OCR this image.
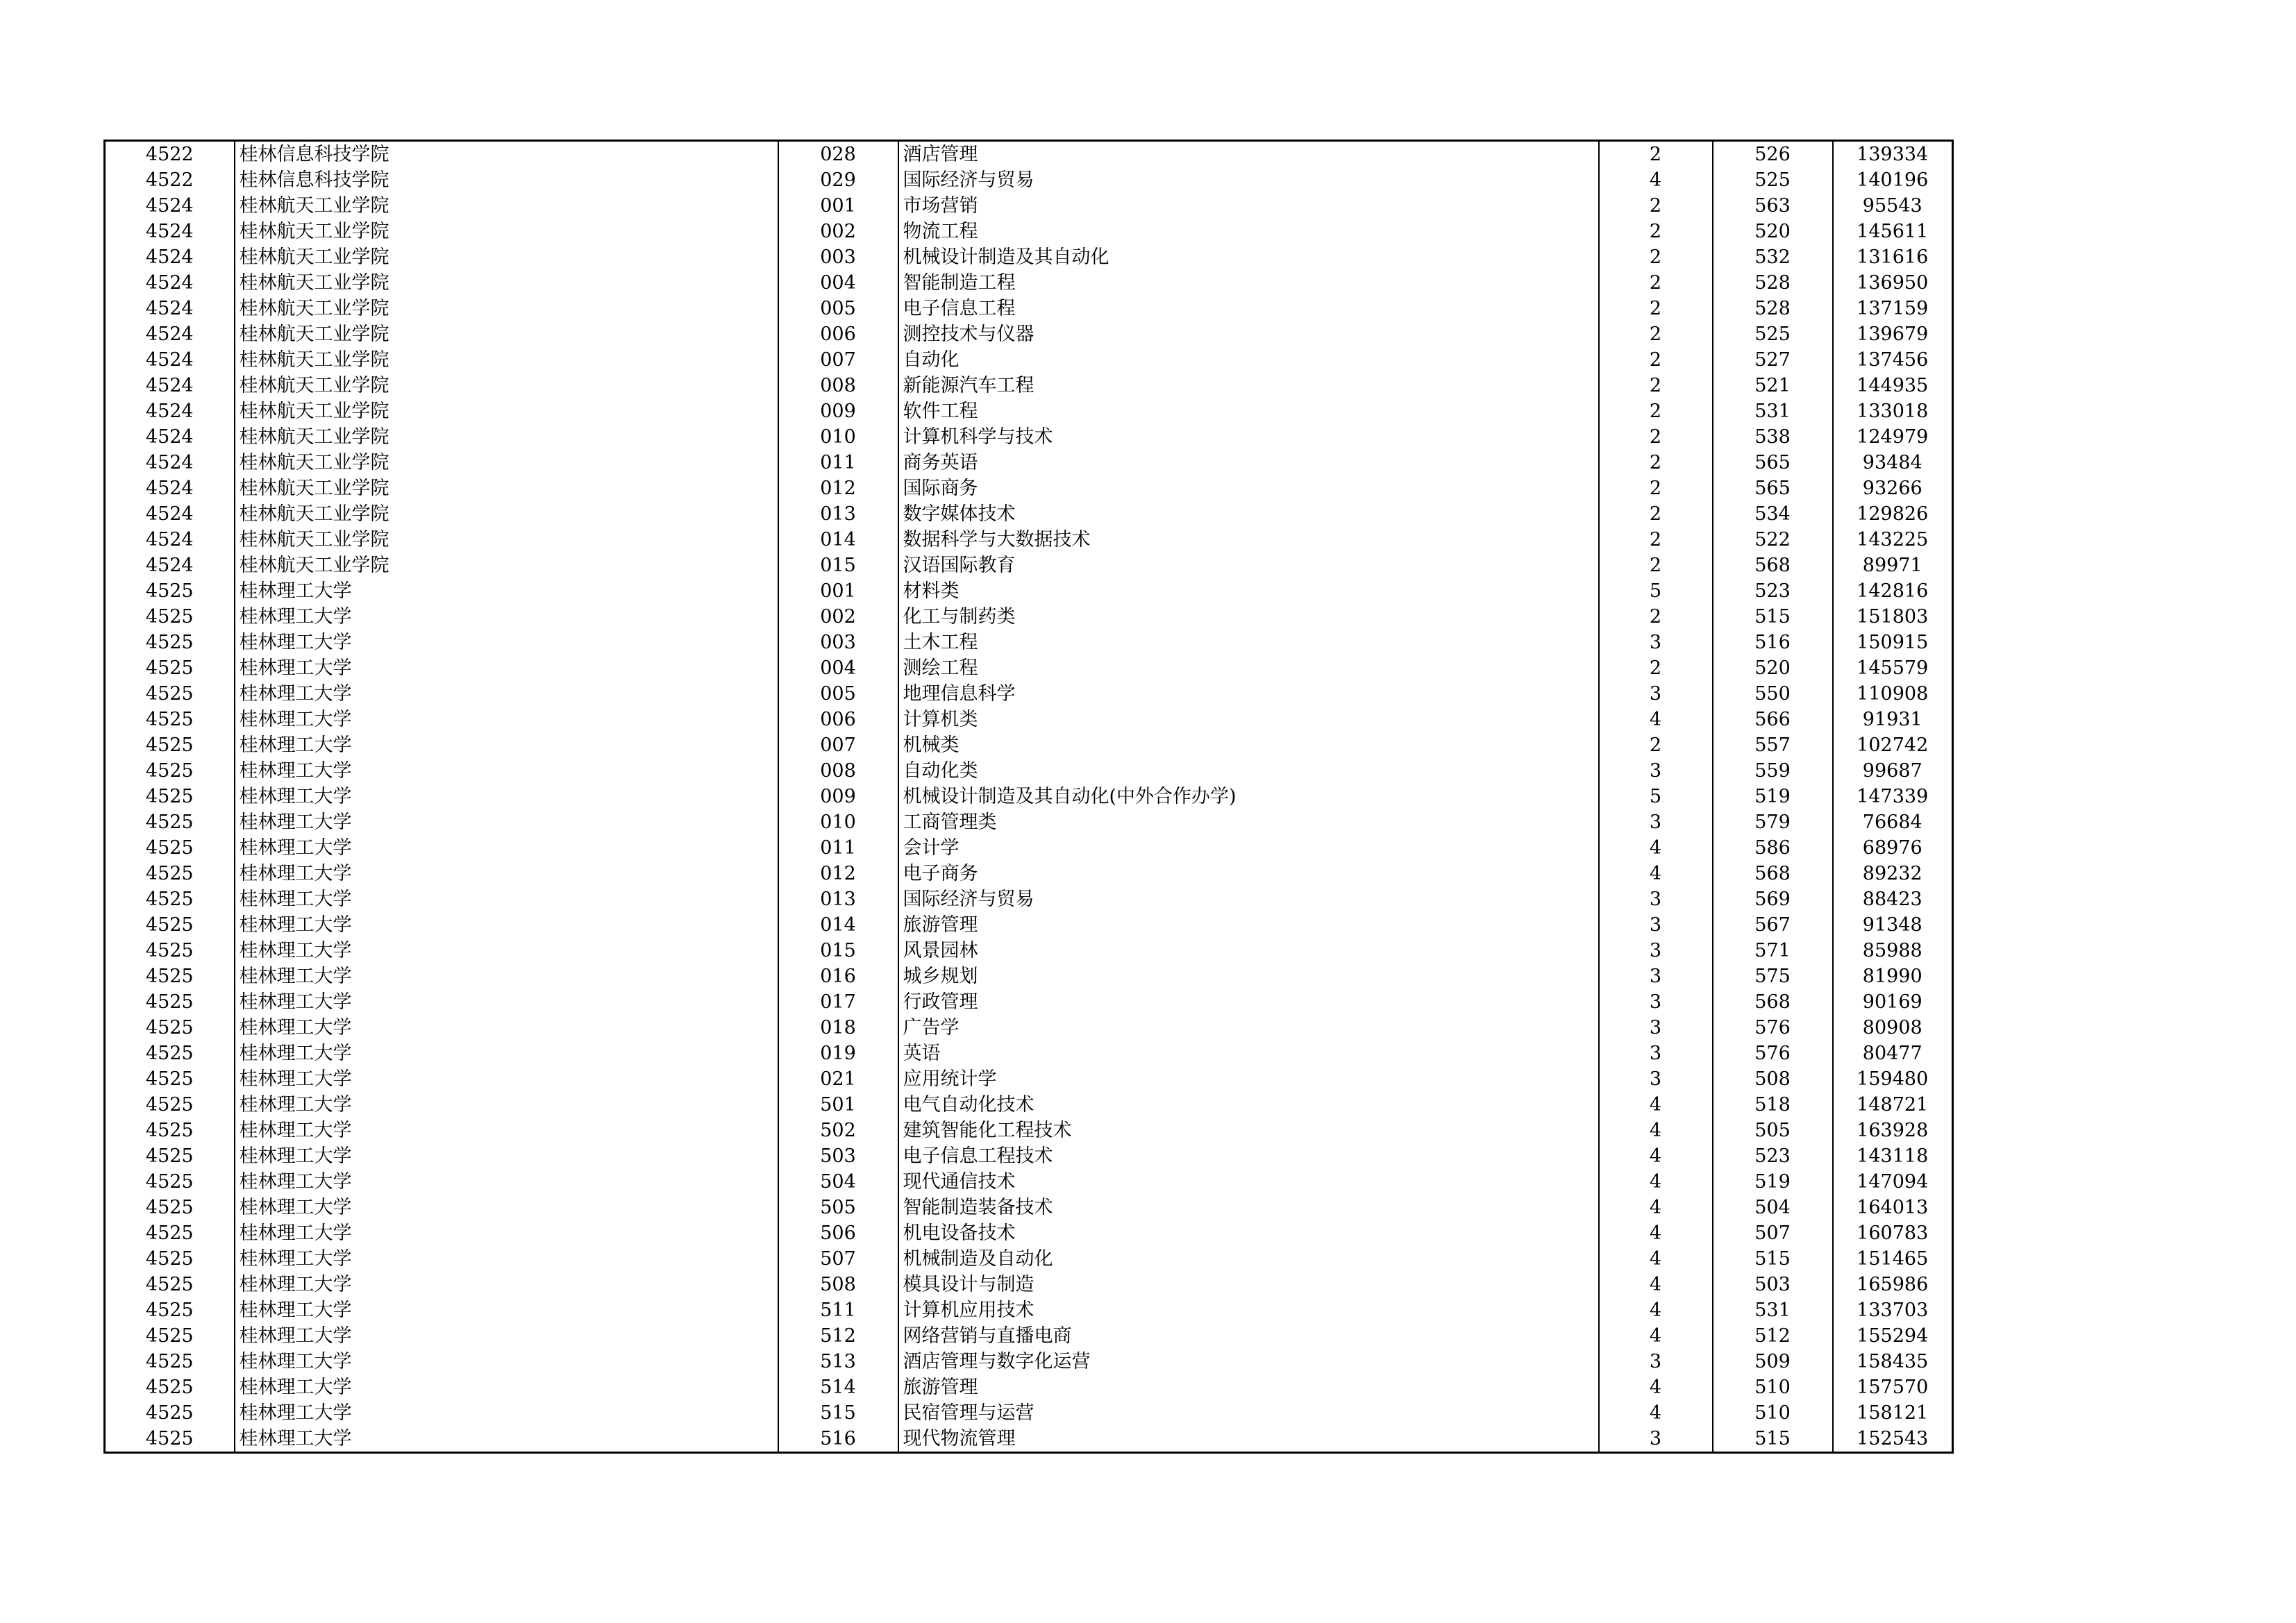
4522	桂林信息科技学院	028	酒店管理	2	526	139334
4522	桂林信息科技学院	029	国际经济与贸易	4	525	140196
4524	桂林航天工业学院	001	市场营销	2	563	95543
4524	桂林航天工业学院	002	物流工程	2	520	145611
4524	桂林航天工业学院	003	机械设计制造及其自动化	2	532	131616
4524	桂林航天工业学院	004	智能制造工程	2	528	136950
4524	桂林航天工业学院	005	电子信息工程	2	528	137159
4524	桂林航天工业学院	006	测控技术与仪器	2	525	139679
4524	桂林航天工业学院	007	自动化	2	527	137456
4524	桂林航天工业学院	008	新能源汽车工程	2	521	144935
4524	桂林航天工业学院	009	软件工程	2	531	133018
4524	桂林航天工业学院	010	计算机科学与技术	2	538	124979
4524	桂林航天工业学院	011	商务英语	2	565	93484
4524	桂林航天工业学院	012	国际商务	2	565	93266
4524	桂林航天工业学院	013	数字媒体技术	2	534	129826
4524	桂林航天工业学院	014	数据科学与大数据技术	2	522	143225
4524	桂林航天工业学院	015	汉语国际教育	2	568	89971
4525	桂林理工大学	001	材料类	5	523	142816
4525	桂林理工大学	002	化工与制药类	2	515	151803
4525	桂林理工大学	003	土木工程	3	516	150915
4525	桂林理工大学	004	测绘工程	2	520	145579
4525	桂林理工大学	005	地理信息科学	3	550	110908
4525	桂林理工大学	006	计算机类	4	566	91931
4525	桂林理工大学	007	机械类	2	557	102742
4525	桂林理工大学	008	自动化类	3	559	99687
4525	桂林理工大学	009	机械设计制造及其自动化(中外合作办学)	5	519	147339
4525	桂林理工大学	010	工商管理类	3	579	76684
4525	桂林理工大学	011	会计学	4	586	68976
4525	桂林理工大学	012	电子商务	4	568	89232
4525	桂林理工大学	013	国际经济与贸易	3	569	88423
4525	桂林理工大学	014	旅游管理	3	567	91348
4525	桂林理工大学	015	风景园林	3	571	85988
4525	桂林理工大学	016	城乡规划	3	575	81990
4525	桂林理工大学	017	行政管理	3	568	90169
4525	桂林理工大学	018	广告学	3	576	80908
4525	桂林理工大学	019	英语	3	576	80477
4525	桂林理工大学	021	应用统计学	3	508	159480
4525	桂林理工大学	501	电气自动化技术	4	518	148721
4525	桂林理工大学	502	建筑智能化工程技术	4	505	163928
4525	桂林理工大学	503	电子信息工程技术	4	523	143118
4525	桂林理工大学	504	现代通信技术	4	519	147094
4525	桂林理工大学	505	智能制造装备技术	4	504	164013
4525	桂林理工大学	506	机电设备技术	4	507	160783
4525	桂林理工大学	507	机械制造及自动化	4	515	151465
4525	桂林理工大学	508	模具设计与制造	4	503	165986
4525	桂林理工大学	511	计算机应用技术	4	531	133703
4525	桂林理工大学	512	网络营销与直播电商	4	512	155294
4525	桂林理工大学	513	酒店管理与数字化运营	3	509	158435
4525	桂林理工大学	514	旅游管理	4	510	157570
4525	桂林理工大学	515	民宿管理与运营	4	510	158121
4525	桂林理工大学	516	现代物流管理	3	515	152543
